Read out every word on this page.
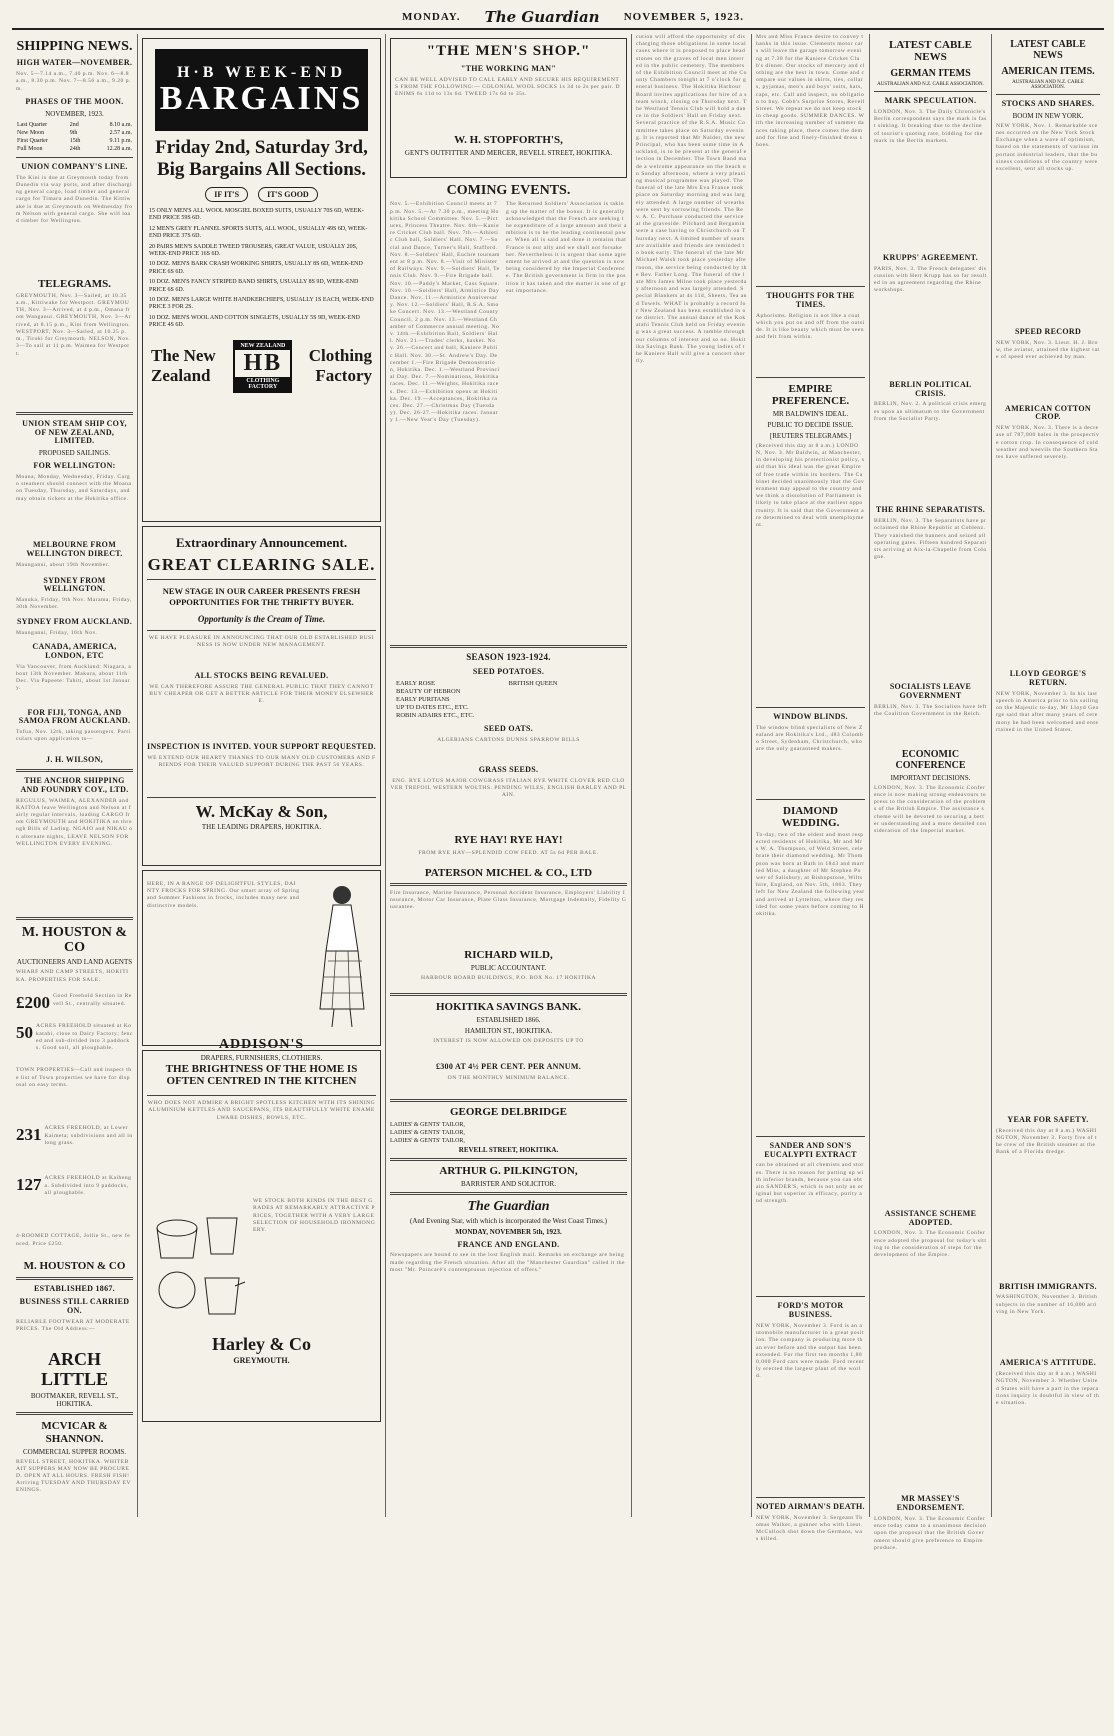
MONDAY. The Guardian NOVEMBER 5, 1923.
SHIPPING NEWS.
HIGH WATER—NOVEMBER.
Nov. 5—7.14 a.m., 7.40 p.m. Nov. 6—8.8 a.m., 8.30 p.m. Nov. 7—8.56 a.m., 9.20 p.m.
PHASES OF THE MOON.
NOVEMBER, 1923.
Last Quarter	2nd	8.10 a.m.
New Moon	9th	2.57 a.m.
First Quarter	15th	9.11 p.m.
Full Moon	24th	12.28 a.m.
UNION COMPANY'S LINE.
The Kini is due at Greymouth today from Dunedin via way ports, and after discharging general cargo, load timber and general cargo for Timaru and Dunedin. The Kittiwake is due at Greymouth on Wednesday from Nelson with general cargo. She will load timber for Wellington.
TELEGRAMS.
GREYMOUTH, Nov. 3—Sailed, at 10.35 a.m., Kittiwake for Westport. GREYMOUTH, Nov. 3—Arrived, at 4 p.m., Omana from Wanganui. GREYMOUTH, Nov. 3—Arrived, at 8.15 p.m., Kini from Wellington. WESTPORT, Nov. 3—Sailed, at 10.25 p.m., Tiroki for Greymouth. NELSON, Nov. 3—To sail at 11 p.m. Waimea for Westport.
UNION STEAM SHIP COY, OF NEW ZEALAND, LIMITED.
PROPOSED SAILINGS.
FOR WELLINGTON:
Moana, Monday, Wednesday, Friday. Cargo steamers should connect with the Moana on Tuesday, Thursday, and Saturdays, and may obtain tickets at the Hokitika office.
MELBOURNE FROM WELLINGTON DIRECT.
Maunganui, about 19th November.
SYDNEY FROM WELLINGTON.
Manuka, Friday, 9th Nov. Marama, Friday, 30th November.
SYDNEY FROM AUCKLAND.
Maunganui, Friday, 16th Nov.
CANADA, AMERICA, LONDON, ETC
Via Vancouver, from Auckland: Niagara, about 13th November. Makura, about 11th Dec. Via Papeete: Tahiti, about 1st January.
FOR FIJI, TONGA, AND SAMOA FROM AUCKLAND.
Tofua, Nov. 12th, taking passengers. Particulars upon application to—
J. H. WILSON,
THE ANCHOR SHIPPING AND FOUNDRY COY., LTD.
REGULUS, WAIMEA, ALEXANDER and KAITOA leave Wellington and Nelson at fairly regular intervals, loading CARGO from GREYMOUTH and HOKITIKA on through Bills of Lading. NGAIO and NIKAU on alternate nights, LEAVE NELSON FOR WELLINGTON EVERY EVENING.
M. HOUSTON & CO
AUCTIONEERS AND LAND AGENTS
WHARF AND CAMP STREETS, HOKITIKA. PROPERTIES FOR SALE.
£200 Good Freehold Section in Revell St., centrally situated.
50 ACRES FREEHOLD situated at Kokatahi, close to Dairy Factory; fenced and sub-divided into 3 paddocks. Good soil, all ploughable.
TOWN PROPERTIES—Call and inspect the list of Town properties we have for disposal on easy terms.
231 ACRES FREEHOLD, at Lower Kaimeta; subdivisions and all in long grass.
127 ACRES FREEHOLD at Kaihenga. Subdivided into 9 paddocks, all ploughable.
4-ROOMED COTTAGE, Jollie St., new fenced. Price £250.
M. HOUSTON & CO
ESTABLISHED 1867.
BUSINESS STILL CARRIED ON.
RELIABLE FOOTWEAR AT MODERATE PRICES. The Old Address:—
ARCH LITTLE
BOOTMAKER, REVELL ST., HOKITIKA.
MCVICAR & SHANNON.
COMMERCIAL SUPPER ROOMS.
REVELL STREET, HOKITIKA. WHITEBAIT SUPPERS MAY NOW BE PROCURED. OPEN AT ALL HOURS. FRESH FISH! Arriving TUESDAY AND THURSDAY EVENINGS.
H·B WEEK-END
BARGAINS
Friday 2nd, Saturday 3rd, Big Bargains All Sections.
IF IT'S	IT'S GOOD
15 ONLY MEN'S ALL WOOL MOSGIEL BOXED SUITS, USUALLY 70S 6D, WEEK-END PRICE 59S 6D.
12 MEN'S GREY FLANNEL SPORTS SUITS, ALL WOOL, USUALLY 49S 6D, WEEK-END PRICE 37S 6D.
20 PAIRS MEN'S SADDLE TWEED TROUSERS, GREAT VALUE, USUALLY 20S, WEEK-END PRICE 16S 6D.
10 DOZ. MEN'S BARK CRASH WORKING SHIRTS, USUALLY 8S 6D, WEEK-END PRICE 6S 6D.
10 DOZ. MEN'S FANCY STRIPED BAND SHIRTS, USUALLY 8S 9D, WEEK-END PRICE 6S 6D.
10 DOZ. MEN'S LARGE WHITE HANDKERCHIEFS, USUALLY 1S EACH, WEEK-END PRICE 3 FOR 2S.
10 DOZ. MEN'S WOOL AND COTTON SINGLETS, USUALLY 5S 9D, WEEK-END PRICE 4S 6D.
The New Zealand
NEW ZEALAND
HB
CLOTHING FACTORY
Clothing Factory
Extraordinary Announcement.
GREAT CLEARING SALE.
NEW STAGE IN OUR CAREER PRESENTS FRESH OPPORTUNITIES FOR THE THRIFTY BUYER.
Opportunity is the Cream of Time.
WE HAVE PLEASURE IN ANNOUNCING THAT OUR OLD ESTABLISHED BUSINESS IS NOW UNDER NEW MANAGEMENT.
ALL STOCKS BEING REVALUED.
WE CAN THEREFORE ASSURE THE GENERAL PUBLIC THAT THEY CANNOT BUY CHEAPER OR GET A BETTER ARTICLE FOR THEIR MONEY ELSEWHERE.
INSPECTION IS INVITED. YOUR SUPPORT REQUESTED.
WE EXTEND OUR HEARTY THANKS TO OUR MANY OLD CUSTOMERS AND FRIENDS FOR THEIR VALUED SUPPORT DURING THE PAST 56 YEARS.
W. McKay & Son,
THE LEADING DRAPERS, HOKITIKA.
HERE, IN A RANGE OF DELIGHTFUL STYLES, DAINTY FROCKS FOR SPRING. Our smart array of Spring and Summer Fashions in frocks, includes many new and distinctive models.
ADDISON'S
DRAPERS, FURNISHERS, CLOTHIERS.
THE BRIGHTNESS OF THE HOME IS OFTEN CENTRED IN THE KITCHEN
WHO DOES NOT ADMIRE A BRIGHT SPOTLESS KITCHEN WITH ITS SHINING ALUMINIUM KETTLES AND SAUCEPANS, ITS BEAUTIFULLY WHITE ENAMELWARE DISHES, BOWLS, ETC.
WE STOCK BOTH KINDS IN THE BEST GRADES AT REMARKABLY ATTRACTIVE PRICES, TOGETHER WITH A VERY LARGE SELECTION OF HOUSEHOLD IRONMONGERY.
Harley & Co
GREYMOUTH.
"THE MEN'S SHOP."
"THE WORKING MAN"
CAN BE WELL ADVISED TO CALL EARLY AND SECURE HIS REQUIREMENTS FROM THE FOLLOWING:— COLONIAL WOOL SOCKS 1s 3d to 2s per pair. DENIMS 6s 11d to 13s 6d. TWEED 17s 6d to 35s.
W. H. STOPFORTH'S,
GENT'S OUTFITTER AND MERCER, REVELL STREET, HOKITIKA.
COMING EVENTS.
Nov. 5.—Exhibition Council meets at 7 p.m. Nov. 5.—At 7.30 p.m., meeting Hokitika School Committee. Nov. 5.—Pictures, Princess Theatre. Nov. 6th—Kaniere Cricket Club ball. Nov. 7th.—Athletic Club ball, Soldiers' Hall. Nov. 7.—Social and Dance, Turner's Hall, Stafford. Nov. 8.—Soldiers' Hall, Euchre tournament at 8 p.m. Nov. 8.—Visit of Minister of Railways. Nov. 9.—Soldiers' Hall, Tennis Club. Nov. 9.—Fire Brigade ball. Nov. 10.—Paddy's Market, Cass Square. Nov. 10.—Soldiers' Hall, Armistice Day Dance. Nov. 11.—Armistice Anniversary. Nov. 12.—Soldiers' Hall, R.S.A. Smoke Concert. Nov. 13.—Westland County Council, 2 p.m. Nov. 13.—Westland Chamber of Commerce annual meeting. Nov. 14th.—Exhibition Ball, Soldiers' Hall. Nov. 21.—Trades' clerks, basket. Nov. 26.—Concert and ball, Kaniere Public Hall. Nov. 30.—St. Andrew's Day. December 1.—Fire Brigade Demonstration, Hokitika. Dec. 1.—Westland Provincial Day. Dec. 7.—Nominations, Hokitika races. Dec. 11.—Weights, Hokitika races. Dec. 13.—Exhibition opens at Hokitika. Dec. 19.—Acceptances, Hokitika races. Dec. 27.—Christmas Day (Tuesday). Dec. 26-27.—Hokitika races. January 1.—New Year's Day (Tuesday).
The Returned Soldiers' Association is taking up the matter of the bonus. It is generally acknowledged that the French are seeking the expenditure of a large amount and their ambition is to be the leading continental power. When all is said and done it remains that France is our ally and we shall not forsake her. Nevertheless it is urgent that some agreement be arrived at and the question is now being considered by the Imperial Conference. The British government is firm in the position it has taken and the matter is one of great importance.
SEASON 1923-1924.
SEED POTATOES.
EARLY ROSE	BRITISH QUEEN
BEAUTY OF HEBRON
EARLY PURITANS
UP TO DATES ETC., ETC.
ROBIN ADAIRS ETC., ETC.
SEED OATS.
ALGERIANS CARTONS DUNNS SPARROW BILLS
GRASS SEEDS.
ENG. RYE LOTUS MAJOR COWGRASS ITALIAN RYE WHITE CLOVER RED CLOVER TREFOIL WESTERN WOLTHS. PENDING WILES, ENGLISH BARLEY AND PLAIN.
RYE HAY! RYE HAY!
FROM RYE HAY—SPLENDID COW FEED. AT 5s 6d PER BALE.
PATERSON MICHEL & CO., LTD
Fire Insurance, Marine Insurance, Personal Accident Insurance, Employers' Liability Insurance, Motor Car Insurance, Plate Glass Insurance, Mortgage Indemnity, Fidelity Guarantee.
RICHARD WILD,
PUBLIC ACCOUNTANT.
HARBOUR BOARD BUILDINGS, P.O. BOX No. 17 HOKITIKA
HOKITIKA SAVINGS BANK.
ESTABLISHED 1866.
HAMILTON ST., HOKITIKA.
INTEREST IS NOW ALLOWED ON DEPOSITS UP TO
£300 AT 4½ PER CENT. PER ANNUM.
ON THE MONTHLY MINIMUM BALANCE.
GEORGE DELBRIDGE
LADIES' & GENTS' TAILOR,
LADIES' & GENTS' TAILOR,
LADIES' & GENTS' TAILOR,
REVELL STREET, HOKITIKA.
ARTHUR G. PILKINGTON,
BARRISTER AND SOLICITOR.
The Guardian
(And Evening Star, with which is incorporated the West Coast Times.)
MONDAY, NOVEMBER 5th, 1923.
FRANCE AND ENGLAND.
Newspapers are bound to see in the lost English mail. Remarks on exchange are being made regarding the French situation. After all the "Manchester Guardian" called it the most "Mr. Poincaré's contemptuous rejection of offers."
cution will afford the opportunity of discharging those obligations in some local cases where it is proposed to place headstones on the graves of local men interred in the public cemetery. The members of the Exhibition Council meet at the County Chambers tonight at 7 o'clock for general business. The Hokitika Harbour Board invites applications for hire of a steam winch, closing on Thursday next. The Westland Tennis Club will hold a dance in the Soldiers' Hall on Friday next. Several practice of the R.S.A. Music Committee takes place on Saturday evening. It is reported that Mr Nalder, the new Principal, who has been some time in Auckland, is to be present at the general election in December. The Town Band made a welcome appearance on the beach on Sunday afternoon, where a very pleasing musical programme was played. The funeral of the late Mrs Eva France took place on Saturday morning and was largely attended. A large number of wreaths were sent by sorrowing friends. The Rev. A. C. Purchase conducted the service at the graveside. Pilchard and Bergamin were a case having to Christchurch on Thursday next. A limited number of seats are available and friends are reminded to book early. The funeral of the late Mr Michael Walsh took place yesterday afternoon, the service being conducted by the Rev. Father Long. The funeral of the late Mrs James Milne took place yesterday afternoon and was largely attended. Special Blankets at 4s 11d, Sheets, Tea and Towels. WHAT is probably a record for New Zealand has been established in one district. The annual dance of the Kokatahi Tennis Club held on Friday evening was a great success. A ramble through our columns of interest and so on. Hokitika Savings Bank. The young ladies of the Kaniere Hall will give a concert shortly.
Mrs and Miss France desire to convey thanks in this issue. Clements motor cars will leave the garage tomorrow evening at 7.30 for the Kaniere Cricket Club's dinner. Our stocks of mercery and clothing are the best in town. Come and compare our values in shirts, ties, collars, pyjamas, men's and boys' suits, hats, caps, etc. Call and inspect, no obligation to buy. Cobb's Surprise Stores, Revell Street. We repeat we do not keep stock in cheap goods. SUMMER DANCES. With the increasing number of summer dances taking place, there comes the demand for fine and finely-finished dress shoes.
THOUGHTS FOR THE TIMES.
Aphorisms. Religion is not like a coat which you put on and off from the outside. It is like beauty which must be seen and felt from within.
EMPIRE PREFERENCE.
MR BALDWIN'S IDEAL.
PUBLIC TO DECIDE ISSUE.
[REUTERS TELEGRAMS.]
(Received this day at 8 a.m.) LONDON, Nov. 3. Mr Baldwin, at Manchester, in developing his protectionist policy, said that his ideal was the great Empire of free trade within its borders. The Cabinet decided unanimously that the Government may appeal to the country and we think a dissolution of Parliament is likely to take place at the earliest opportunity. It is said that the Government are determined to deal with unemployment.
WINDOW BLINDS.
The window blind specialists of New Zealand are Hokitika's Ltd., 483 Colombo Street, Sydenham, Christchurch, who are the only guaranteed makers.
DIAMOND WEDDING.
To-day, two of the oldest and most respected residents of Hokitika, Mr and Mrs W. A. Thompson, of Weld Street, celebrate their diamond wedding. Mr Thompson was born at Bath in 1843 and married Miss, a daughter of Mr Stephen Power of Salisbury, at Bishopstone, Wiltshire, England, on Nov. 5th, 1863. They left for New Zealand the following year and arrived at Lyttelton, where they resided for some years before coming to Hokitika.
SANDER AND SON'S EUCALYPTI EXTRACT
can be obtained at all chemists and stores. There is no reason for putting up with inferior brands, because you can obtain SANDER'S, which is not only an original but superior in efficacy, purity and strength.
FORD'S MOTOR BUSINESS.
NEW YORK, November 3. Ford is an automobile manufacturer in a great position. The company is producing more than ever before and the output has been extended. For the first ten months 1,800,000 Ford cars were made. Ford recently erected the largest plant of the world.
NOTED AIRMAN'S DEATH.
NEW YORK, November 3. Sergeant Thomas Walker, a gunner who with Lieut. McCulloch shot down the Germans, was killed.
LATEST CABLE NEWS
GERMAN ITEMS
AUSTRALIAN AND N.Z. CABLE ASSOCIATION.
MARK SPECULATION.
LONDON, Nov. 3. The Daily Chronicle's Berlin correspondent says the mark is fast sinking. It breaking due to the decline of tourist's quoting rate, bidding for the mark in the Berlin markets.
KRUPPS' AGREEMENT.
PARIS, Nov. 3. The French delegates' discussion with Herr Krupp has so far resulted in an agreement regarding the Rhine workshops.
BERLIN POLITICAL CRISIS.
BERLIN, Nov. 2. A political crisis emerges upon an ultimatum to the Government from the Socialist Party.
THE RHINE SEPARATISTS.
BERLIN, Nov. 3. The Separatists have proclaimed the Rhine Republic at Coblenz. They vanished the banners and seized all operating gates. Fifteen hundred Separatists arriving at Aix-la-Chapelle from Cologne.
SOCIALISTS LEAVE GOVERNMENT
BERLIN, Nov. 3. The Socialists have left the Coalition Government in the Reich.
ECONOMIC CONFERENCE
IMPORTANT DECISIONS.
LONDON, Nov. 3. The Economic Conference is now making strong endeavours to press to the consideration of the problems of the British Empire. The assistance scheme will be devoted to securing a better understanding and a more detailed consideration of the Imperial market.
ASSISTANCE SCHEME ADOPTED.
LONDON, Nov. 3. The Economic Conference adopted the proposal for today's sitting to the consideration of steps for the development of the Empire.
MR MASSEY'S ENDORSEMENT.
LONDON, Nov. 3. The Economic Conference today came to a unanimous decision upon the proposal that the British Government should give preference to Empire produce.
LATEST CABLE NEWS
AMERICAN ITEMS.
AUSTRALIAN AND N.Z. CABLE ASSOCIATION.
STOCKS AND SHARES.
BOOM IN NEW YORK.
NEW YORK, Nov. 1. Remarkable scenes occurred on the New York Stock Exchange when a wave of optimism, based on the statements of various important industrial leaders, that the business conditions of the country were excellent, sent all stocks up.
SPEED RECORD
NEW YORK, Nov. 3. Lieut. H. J. Brow, the aviator, attained the highest rate of speed ever achieved by man.
AMERICAN COTTON CROP.
NEW YORK, Nov. 3. There is a decrease of 787,000 bales in the prospective cotton crop. In consequence of cold weather and weevils the Southern States have suffered severely.
LLOYD GEORGE'S RETURN.
NEW YORK, November 3. In his last speech in America prior to his sailing on the Majestic to-day, Mr Lloyd George said that after many years of ceremony he had been welcomed and entertained in the United States.
YEAR FOR SAFETY.
(Received this day at 8 a.m.) WASHINGTON, November 3. Forty five of the crew of the British steamer at the Bank of a Florida dredge.
BRITISH IMMIGRANTS.
WASHINGTON, November 3. British subjects in the number of 16,000 arriving in New York.
AMERICA'S ATTITUDE.
(Received this day at 8 a.m.) WASHINGTON, November 3. Whether United States will have a part in the reparations inquiry is doubtful in view of the situation.
